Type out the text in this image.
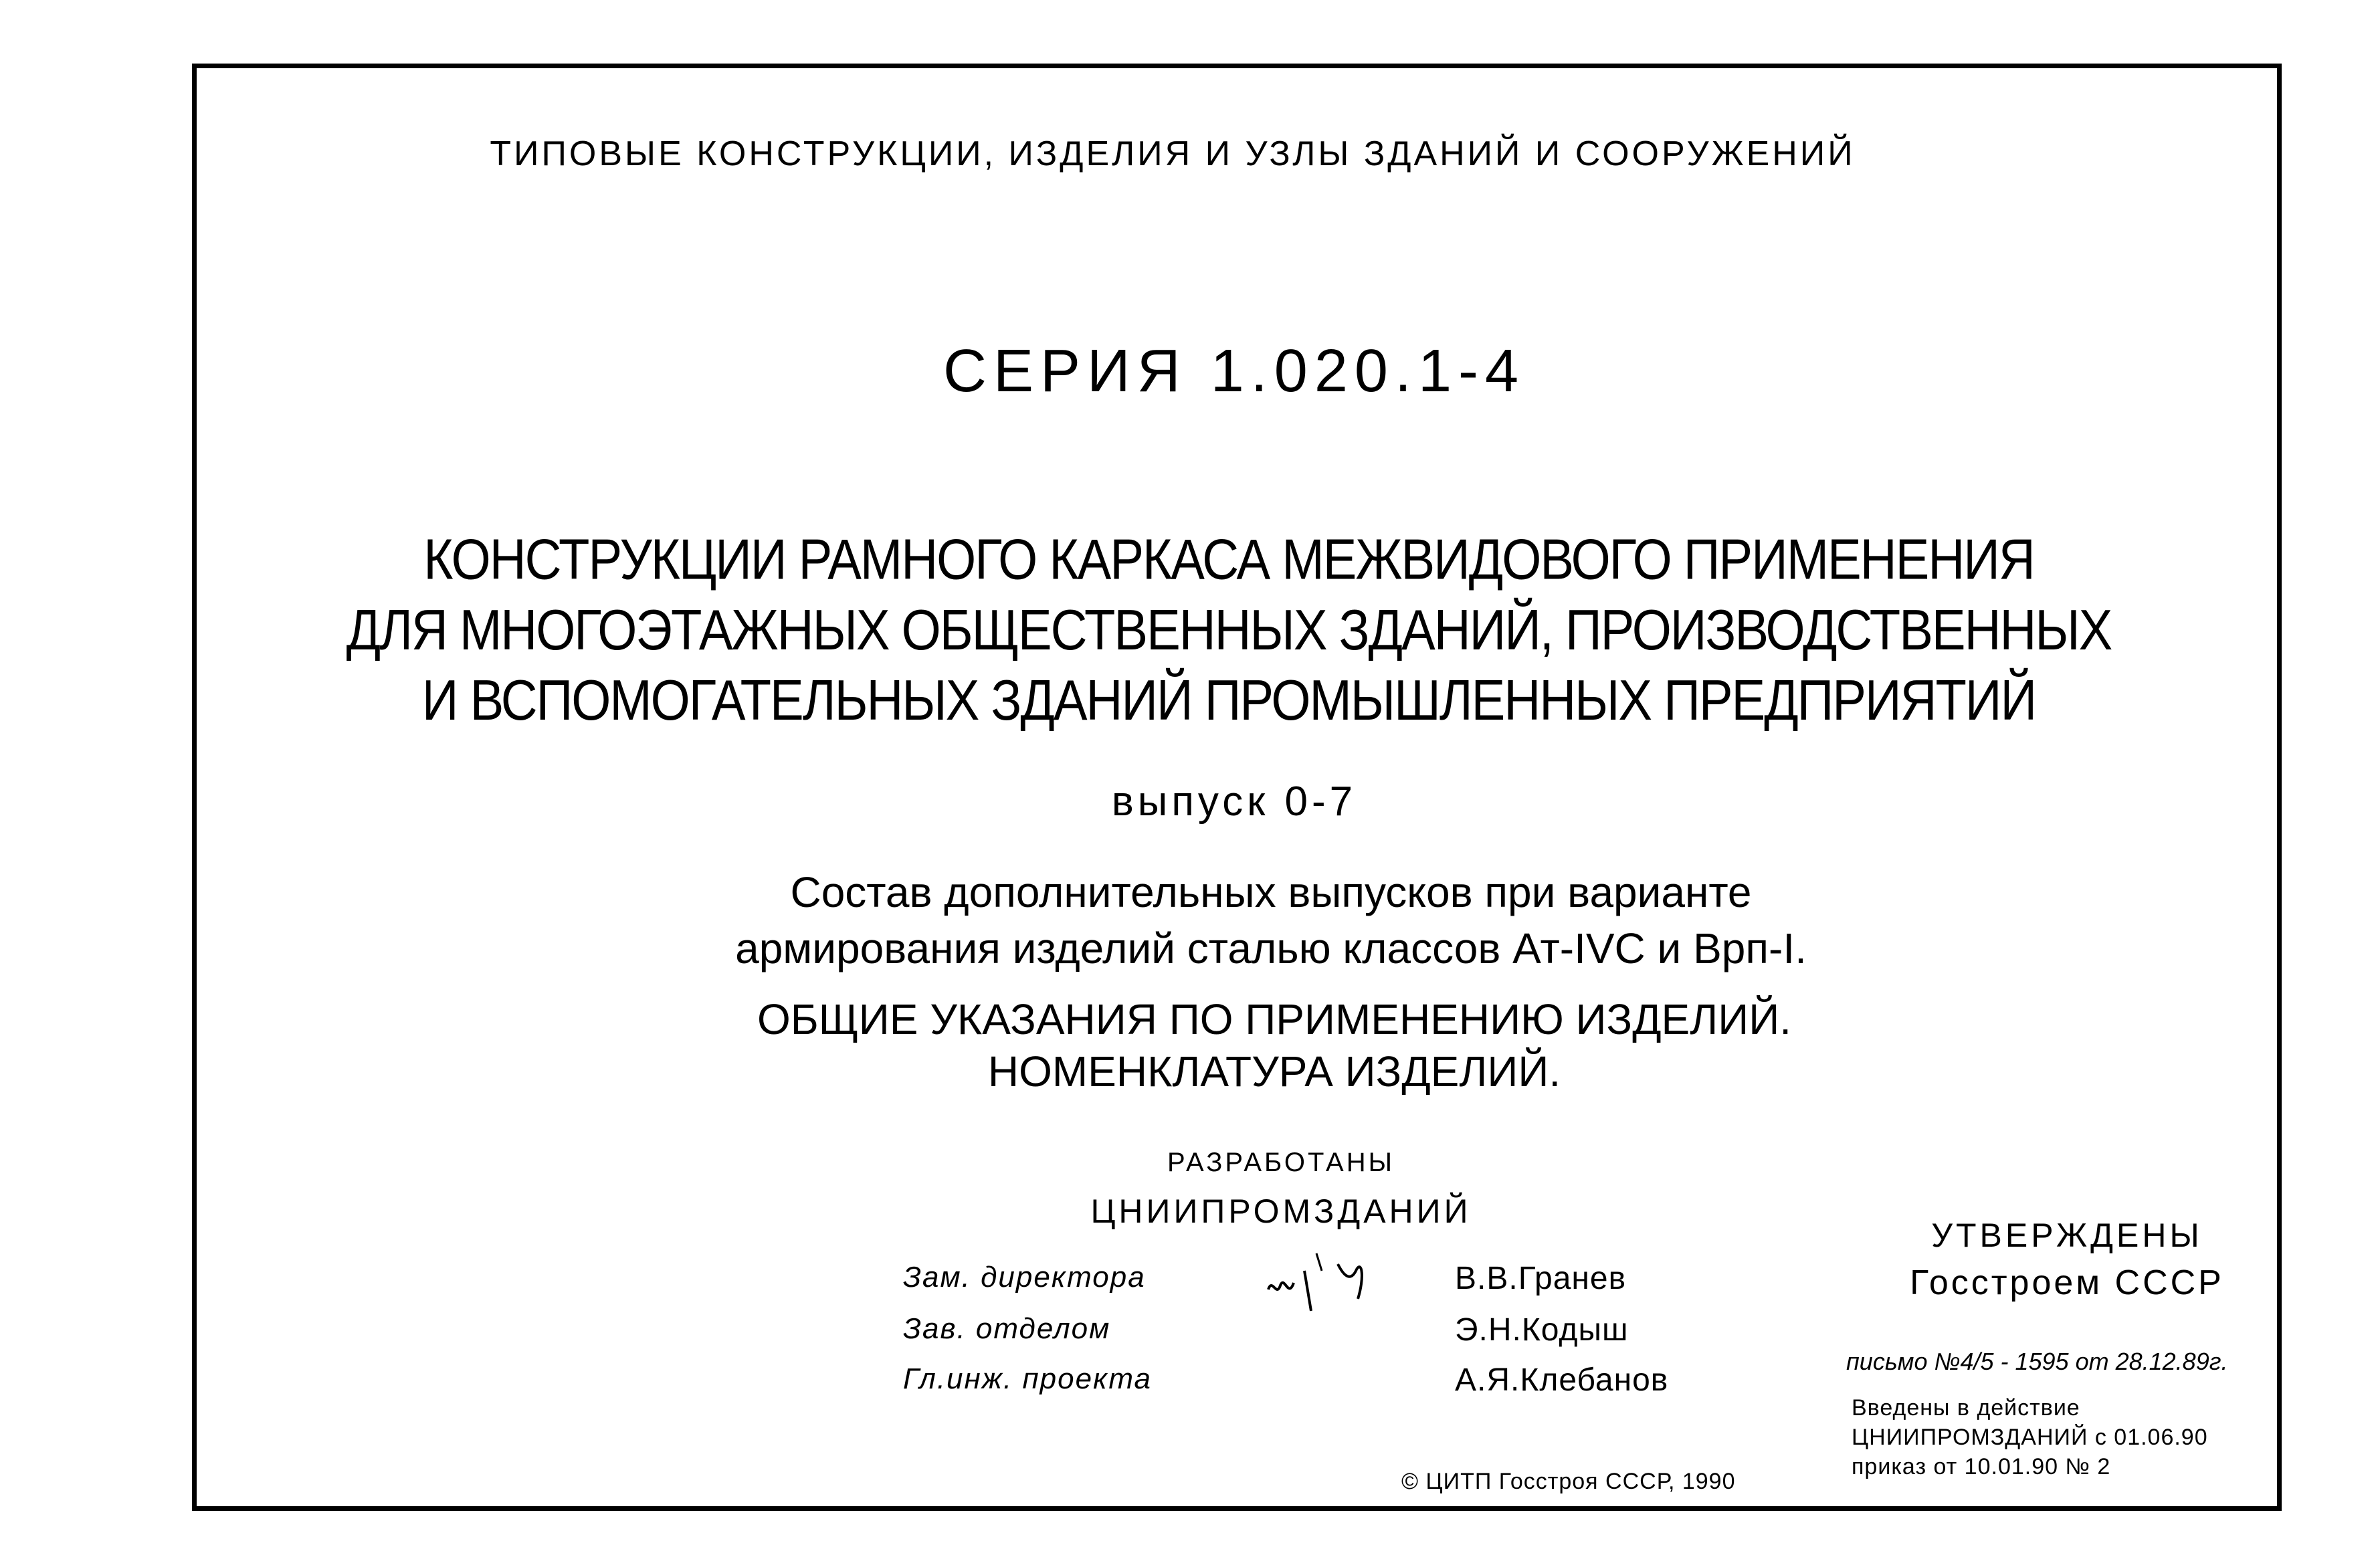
ТИПОВЫЕ КОНСТРУКЦИИ, ИЗДЕЛИЯ И УЗЛЫ ЗДАНИЙ И СООРУЖЕНИЙ
СЕРИЯ 1.020.1-4
КОНСТРУКЦИИ РАМНОГО КАРКАСА МЕЖВИДОВОГО ПРИМЕНЕНИЯ
ДЛЯ МНОГОЭТАЖНЫХ ОБЩЕСТВЕННЫХ ЗДАНИЙ, ПРОИЗВОДСТВЕННЫХ
И ВСПОМОГАТЕЛЬНЫХ ЗДАНИЙ ПРОМЫШЛЕННЫХ ПРЕДПРИЯТИЙ
выпуск 0-7
Состав дополнительных выпусков при варианте
армирования изделий сталью классов Ат-IVС и Врп-I.
ОБЩИЕ УКАЗАНИЯ ПО ПРИМЕНЕНИЮ ИЗДЕЛИЙ.
НОМЕНКЛАТУРА ИЗДЕЛИЙ.
РАЗРАБОТАНЫ
ЦНИИПРОМЗДАНИЙ
Зам. директора	В.В.Гранев
Зав. отделом	Э.Н.Кодыш
Гл.инж. проекта	А.Я.Клебанов
УТВЕРЖДЕНЫ
Госстроем СССР
письмо №4/5 - 1595 от 28.12.89г.
Введены в действие
ЦНИИПРОМЗДАНИЙ с 01.06.90
приказ от 10.01.90 № 2
© ЦИТП Госстроя СССР, 1990
